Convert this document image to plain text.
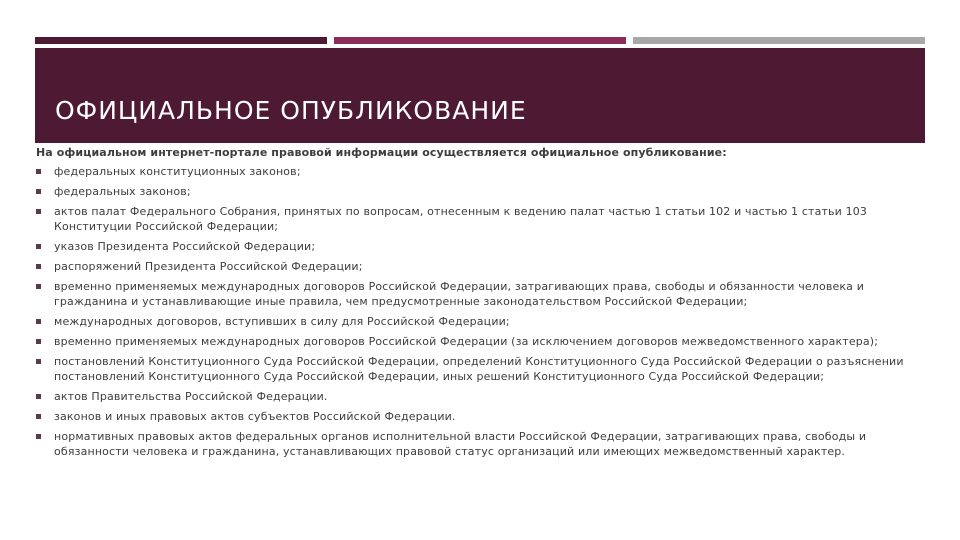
ОФИЦИАЛЬНОЕ ОПУБЛИКОВАНИЕ

На официальном интернет-портале правовой информации осуществляется официальное опубликование:

федеральных конституционных законов;
федеральных законов;
актов палат Федерального Собрания, принятых по вопросам, отнесенным к ведению палат частью 1 статьи 102 и частью 1 статьи 103 Конституции Российской Федерации;
указов Президента Российской Федерации;
распоряжений Президента Российской Федерации;
временно применяемых международных договоров Российской Федерации, затрагивающих права, свободы и обязанности человека и гражданина и устанавливающие иные правила, чем предусмотренные законодательством Российской Федерации;
международных договоров, вступивших в силу для Российской Федерации;
временно применяемых международных договоров Российской Федерации (за исключением договоров межведомственного характера);
постановлений Конституционного Суда Российской Федерации, определений Конституционного Суда Российской Федерации о разъяснении постановлений Конституционного Суда Российской Федерации, иных решений Конституционного Суда Российской Федерации;
актов Правительства Российской Федерации.
законов и иных правовых актов субъектов Российской Федерации.
нормативных правовых актов федеральных органов исполнительной власти Российской Федерации, затрагивающих права, свободы и обязанности человека и гражданина, устанавливающих правовой статус организаций или имеющих межведомственный характер.
